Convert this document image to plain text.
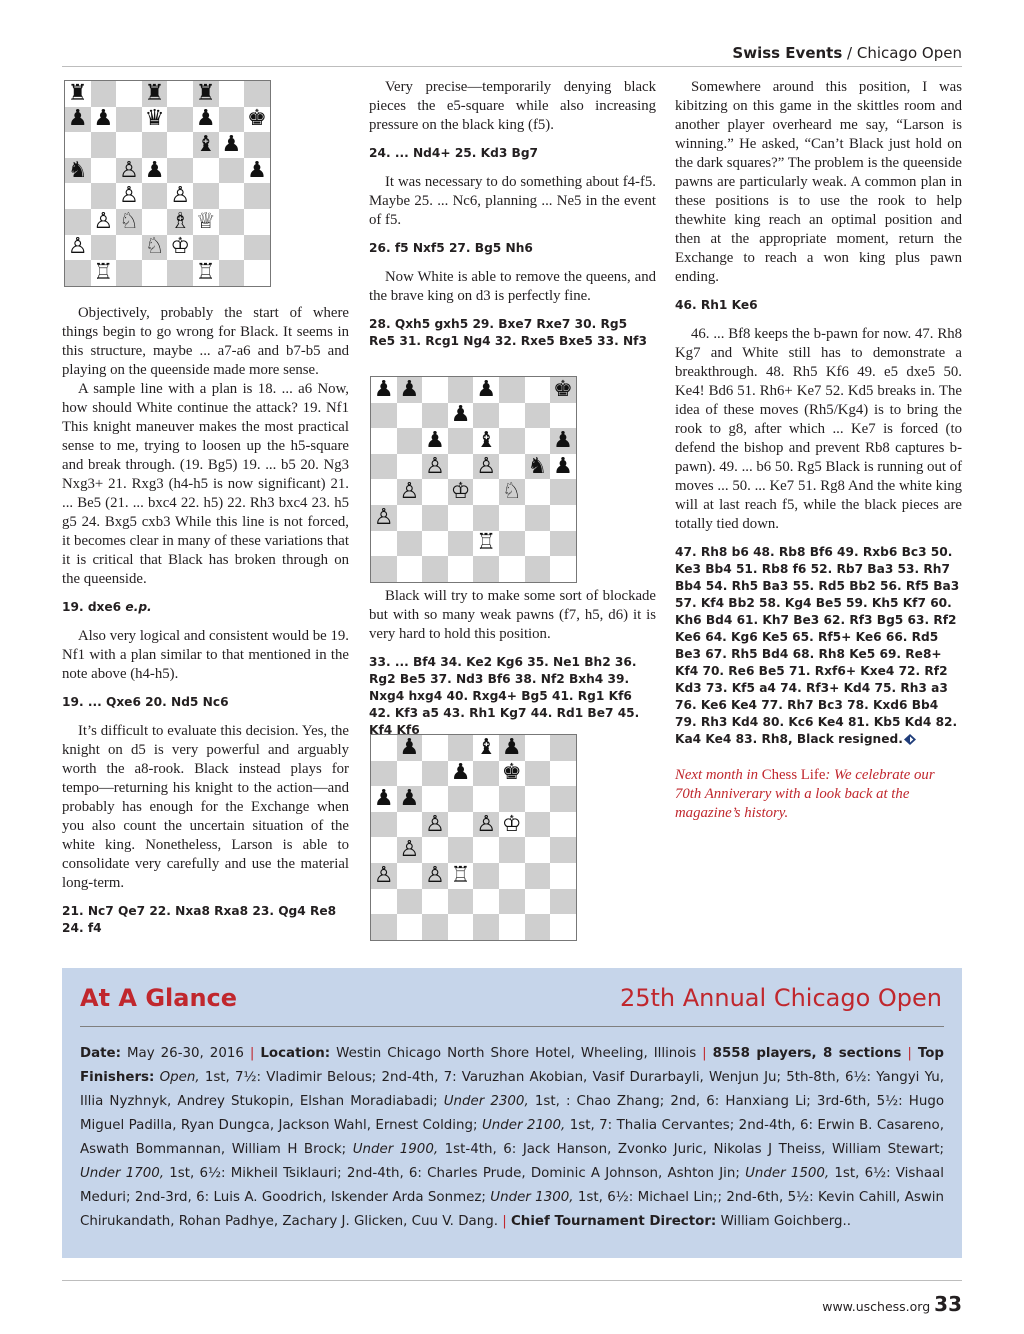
Swiss Events / Chicago Open
♜	♜ ♜
♟ ♟ ♛ ♟ ♚
♝ ♟
♞ ♙ ♟	♟
♙ ♙
♙ ♘ ♗ ♕
♙	♘ ♔
♖	♖
♟ ♟	♟	♚
♟
♟ ♝	♟
♙ ♙ ♞ ♟
♙ ♔ ♘
♙
♖
♟	♝ ♟
♟ ♚
♟ ♟
♙ ♙ ♔
♙
♙ ♙ ♖

Objectively, probably the start of where things begin to go wrong for Black. It seems in this structure, maybe ... a7-a6 and b7-b5 and playing on the queenside made more sense.

A sample line with a plan is 18. ... a6 Now, how should White continue the attack? 19. Nf1 This knight maneuver makes the most practical sense to me, trying to loosen up the h5-square and break through. (19. Bg5) 19. ... b5 20. Ng3 Nxg3+ 21. Rxg3 (h4-h5 is now significant) 21. ... Be5 (21. ... bxc4 22. h5) 22. Rh3 bxc4 23. h5 g5 24. Bxg5 cxb3 While this line is not forced, it becomes clear in many of these variations that it is critical that Black has broken through on the queenside.

19. dxe6 e.p.

Also very logical and consistent would be 19. Nf1 with a plan similar to that mentioned in the note above (h4-h5).

19. ... Qxe6 20. Nd5 Nc6

It’s difficult to evaluate this decision. Yes, the knight on d5 is very powerful and arguably worth the a8-rook. Black instead plays for tempo—returning his knight to the action—and probably has enough for the Exchange when you also count the uncertain situation of the white king. Nonetheless, Larson is able to consolidate very carefully and use the material long-term.

21. Nc7 Qe7 22. Nxa8 Rxa8 23. Qg4 Re8 24. f4

Very precise—temporarily denying black pieces the e5-square while also increasing pressure on the black king (f5).

24. ... Nd4+ 25. Kd3 Bg7

It was necessary to do something about f4-f5. Maybe 25. ... Nc6, planning ... Ne5 in the event of f5.

26. f5 Nxf5 27. Bg5 Nh6

Now White is able to remove the queens, and the brave king on d3 is perfectly fine.

28. Qxh5 gxh5 29. Bxe7 Rxe7 30. Rg5 Re5 31. Rcg1 Ng4 32. Rxe5 Bxe5 33. Nf3

Black will try to make some sort of blockade but with so many weak pawns (f7, h5, d6) it is very hard to hold this position.

33. ... Bf4 34. Ke2 Kg6 35. Ne1 Bh2 36. Rg2 Be5 37. Nd3 Bf6 38. Nf2 Bxh4 39. Nxg4 hxg4 40. Rxg4+ Bg5 41. Rg1 Kf6 42. Kf3 a5 43. Rh1 Kg7 44. Rd1 Be7 45. Kf4 Kf6

Somewhere around this position, I was kibitzing on this game in the skittles room and another player overheard me say, “Larson is winning.” He asked, “Can’t Black just hold on the dark squares?” The problem is the queenside pawns are particularly weak. A common plan in these positions is to use the rook to help thewhite king reach an optimal position and then at the appropriate moment, return the Exchange to reach a won king plus pawn ending.

46. Rh1 Ke6

46. ... Bf8 keeps the b-pawn for now. 47. Rh8 Kg7 and White still has to demonstrate a breakthrough. 48. Rh5 Kf6 49. e5 dxe5 50. Ke4! Bd6 51. Rh6+ Ke7 52. Kd5 breaks in. The idea of these moves (Rh5/Kg4) is to bring the rook to g8, after which ... Ke7 is forced (to defend the bishop and prevent Rb8 captures b-pawn). 49. ... b6 50. Rg5 Black is running out of moves ... 50. ... Ke7 51. Rg8 And the white king will at last reach f5, while the black pieces are totally tied down.

47. Rh8 b6 48. Rb8 Bf6 49. Rxb6 Bc3 50. Ke3 Bb4 51. Rb8 f6 52. Rb7 Ba3 53. Rh7 Bb4 54. Rh5 Ba3 55. Rd5 Bb2 56. Rf5 Ba3 57. Kf4 Bb2 58. Kg4 Be5 59. Kh5 Kf7 60. Kh6 Bd4 61. Kh7 Be3 62. Rf3 Bg5 63. Rf2 Ke6 64. Kg6 Ke5 65. Rf5+ Ke6 66. Rd5 Be3 67. Rh5 Bd4 68. Rh8 Ke5 69. Re8+ Kf4 70. Re6 Be5 71. Rxf6+ Kxe4 72. Rf2 Kd3 73. Kf5 a4 74. Rf3+ Kd4 75. Rh3 a3 76. Ke6 Ke4 77. Rh7 Bc3 78. Kxd6 Bb4 79. Rh3 Kd4 80. Kc6 Ke4 81. Kb5 Kd4 82. Ka4 Ke4 83. Rh8, Black resigned.
Next month in Chess Life: We celebrate our 70th Anniverary with a look back at the magazine’s history.
At A Glance	25th Annual Chicago Open
Date: May 26-30, 2016 | Location: Westin Chicago North Shore Hotel, Wheeling, Illinois | 8558 players, 8 sections | Top Finishers: Open, 1st, 7½: Vladimir Belous; 2nd-4th, 7: Varuzhan Akobian, Vasif Durarbayli, Wenjun Ju; 5th-8th, 6½: Yangyi Yu, Illia Nyzhnyk, Andrey Stukopin, Elshan Moradiabadi; Under 2300, 1st, : Chao Zhang; 2nd, 6: Hanxiang Li; 3rd-6th, 5½: Hugo Miguel Padilla, Ryan Dungca, Jackson Wahl, Ernest Colding; Under 2100, 1st, 7: Thalia Cervantes; 2nd-4th, 6: Erwin B. Casareno, Aswath Bommannan, William H Brock; Under 1900, 1st-4th, 6: Jack Hanson, Zvonko Juric, Nikolas J Theiss, William Stewart; Under 1700, 1st, 6½: Mikheil Tsiklauri; 2nd-4th, 6: Charles Prude, Dominic A Johnson, Ashton Jin; Under 1500, 1st, 6½: Vishaal Meduri; 2nd-3rd, 6: Luis A. Goodrich, Iskender Arda Sonmez; Under 1300, 1st, 6½: Michael Lin;; 2nd-6th, 5½: Kevin Cahill, Aswin Chirukandath, Rohan Padhye, Zachary J. Glicken, Cuu V. Dang. | Chief Tournament Director: William Goichberg..
www.uschess.org 33
